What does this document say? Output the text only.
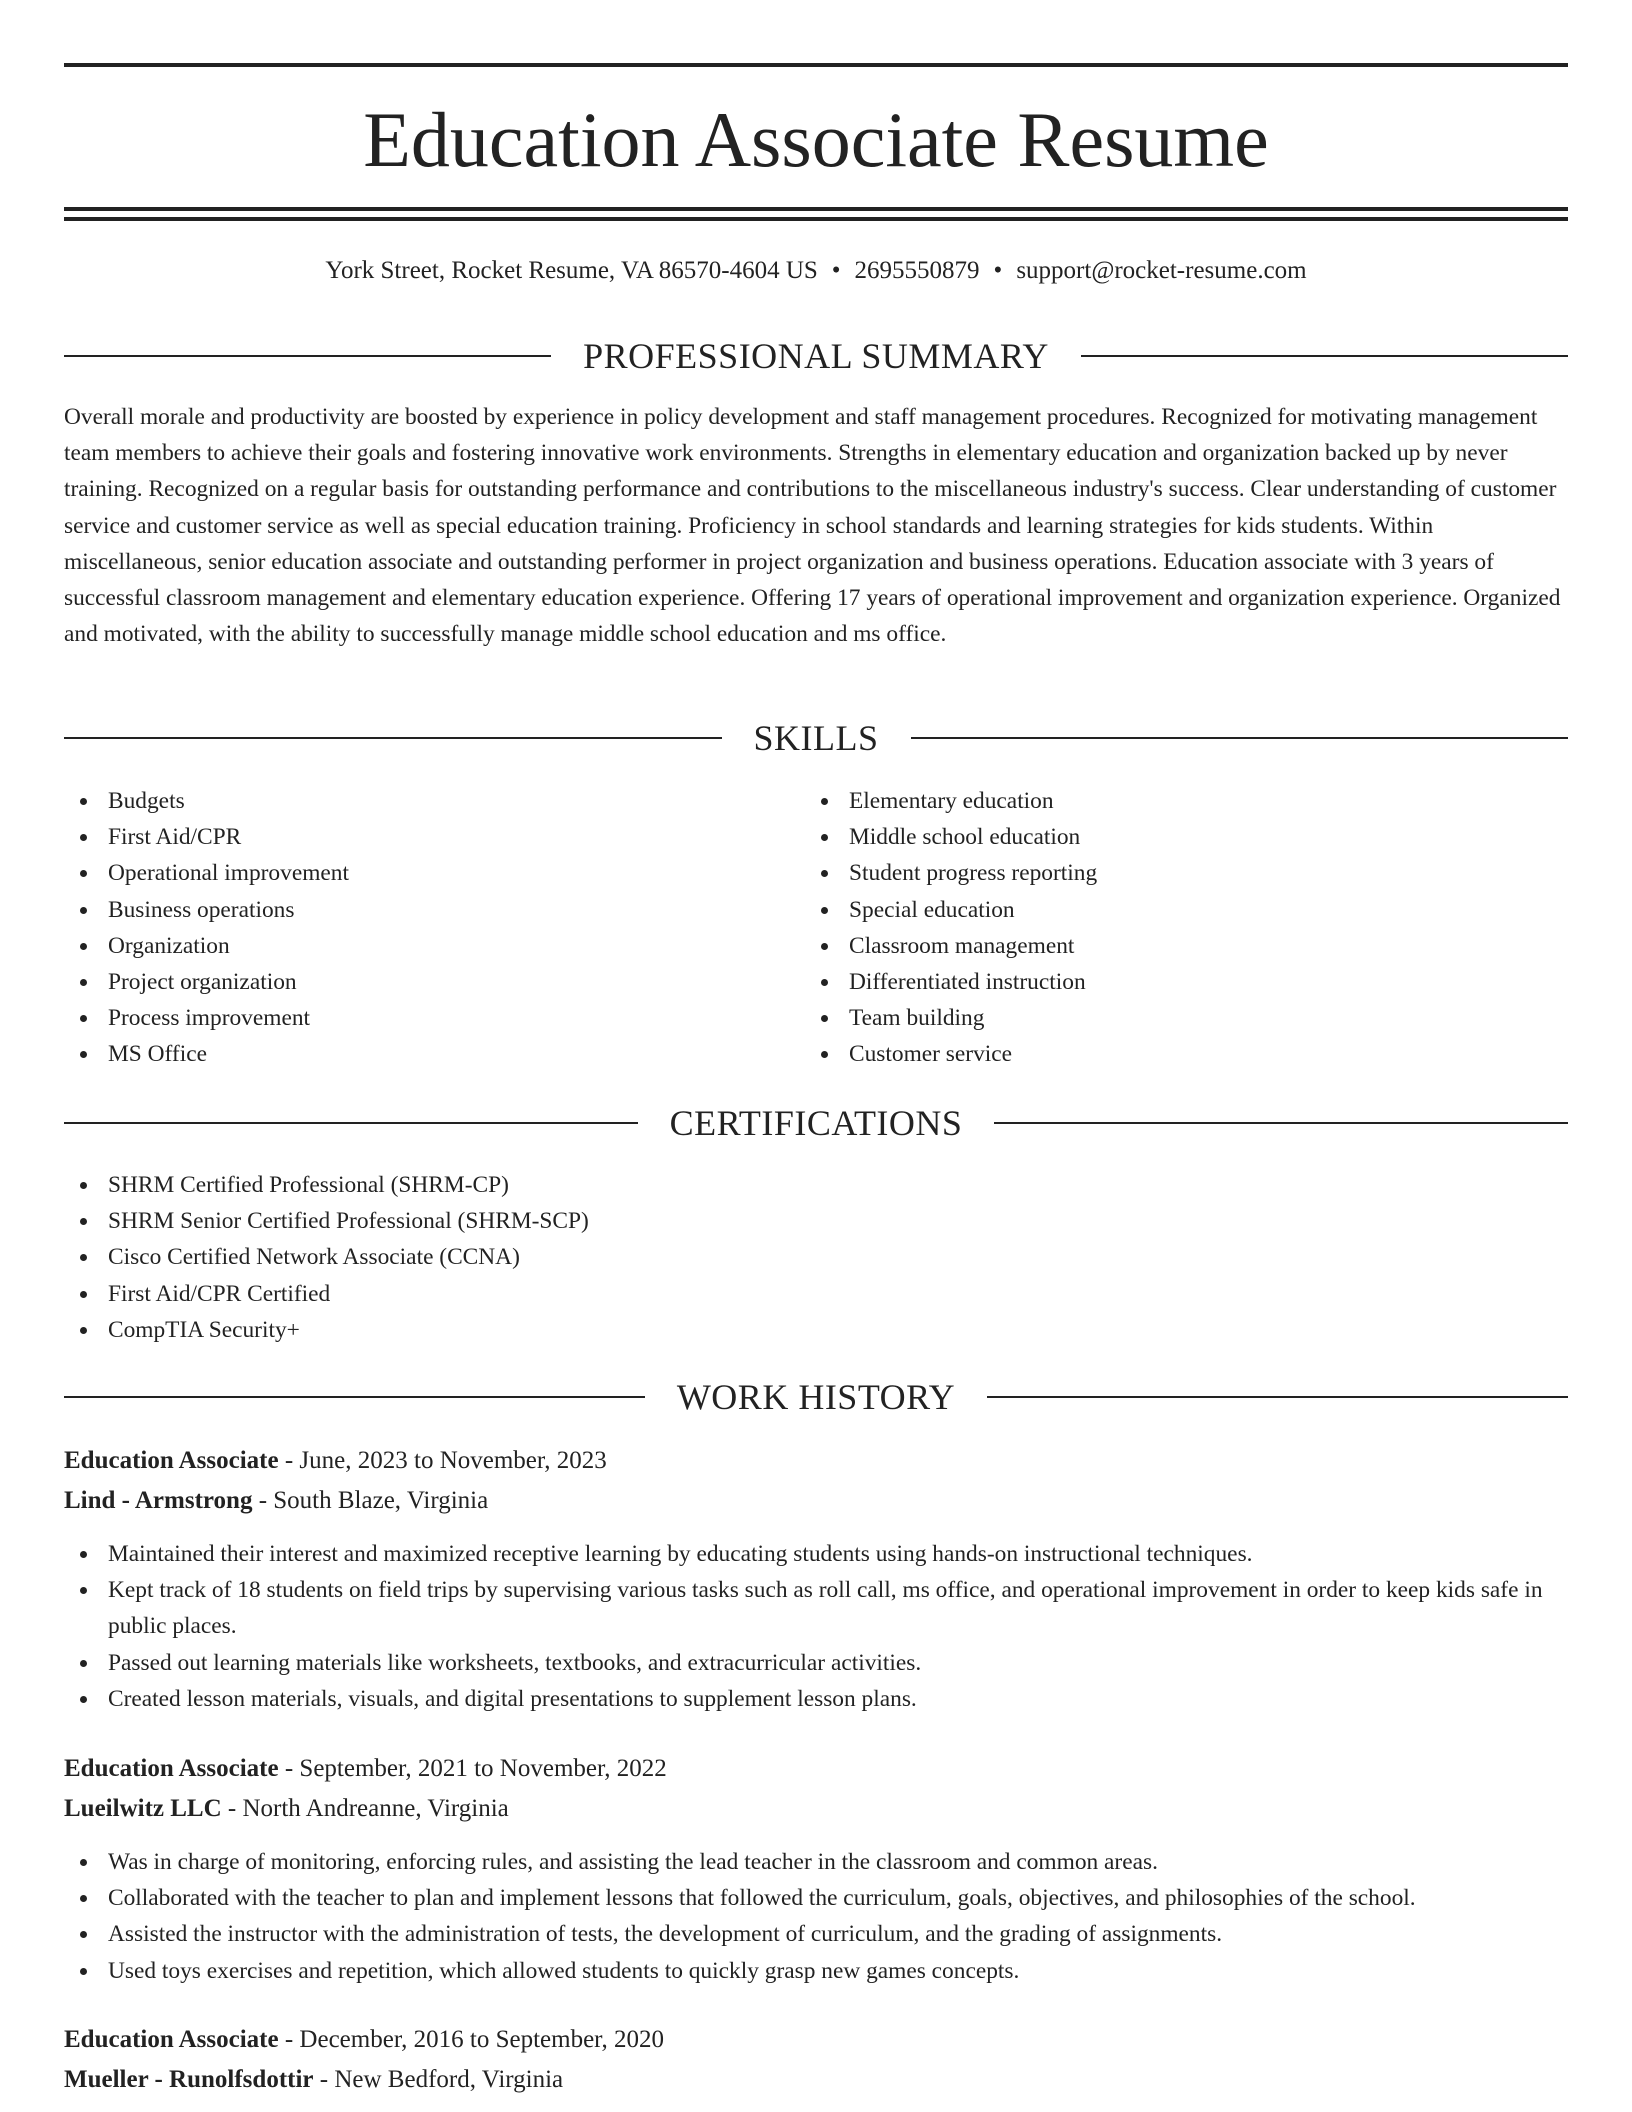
Education Associate Resume
York Street, Rocket Resume, VA 86570-4604 US • 2695550879 • support@rocket-resume.com
PROFESSIONAL SUMMARY

Overall morale and productivity are boosted by experience in policy development and staff management procedures. Recognized for motivating management team members to achieve their goals and fostering innovative work environments. Strengths in elementary education and organization backed up by never training. Recognized on a regular basis for outstanding performance and contributions to the miscellaneous industry's success. Clear understanding of customer service and customer service as well as special education training. Proficiency in school standards and learning strategies for kids students. Within miscellaneous, senior education associate and outstanding performer in project organization and business operations. Education associate with 3 years of successful classroom management and elementary education experience. Offering 17 years of operational improvement and organization experience. Organized and motivated, with the ability to successfully manage middle school education and ms office.

SKILLS
Budgets
First Aid/CPR
Operational improvement
Business operations
Organization
Project organization
Process improvement
MS Office
Elementary education
Middle school education
Student progress reporting
Special education
Classroom management
Differentiated instruction
Team building
Customer service
CERTIFICATIONS
SHRM Certified Professional (SHRM-CP)
SHRM Senior Certified Professional (SHRM-SCP)
Cisco Certified Network Associate (CCNA)
First Aid/CPR Certified
CompTIA Security+
WORK HISTORY
Education Associate - June, 2023 to November, 2023
Lind - Armstrong - South Blaze, Virginia
Maintained their interest and maximized receptive learning by educating students using hands-on instructional techniques.
Kept track of 18 students on field trips by supervising various tasks such as roll call, ms office, and operational improvement in order to keep kids safe in public places.
Passed out learning materials like worksheets, textbooks, and extracurricular activities.
Created lesson materials, visuals, and digital presentations to supplement lesson plans.
Education Associate - September, 2021 to November, 2022
Lueilwitz LLC - North Andreanne, Virginia
Was in charge of monitoring, enforcing rules, and assisting the lead teacher in the classroom and common areas.
Collaborated with the teacher to plan and implement lessons that followed the curriculum, goals, objectives, and philosophies of the school.
Assisted the instructor with the administration of tests, the development of curriculum, and the grading of assignments.
Used toys exercises and repetition, which allowed students to quickly grasp new games concepts.
Education Associate - December, 2016 to September, 2020
Mueller - Runolfsdottir - New Bedford, Virginia
